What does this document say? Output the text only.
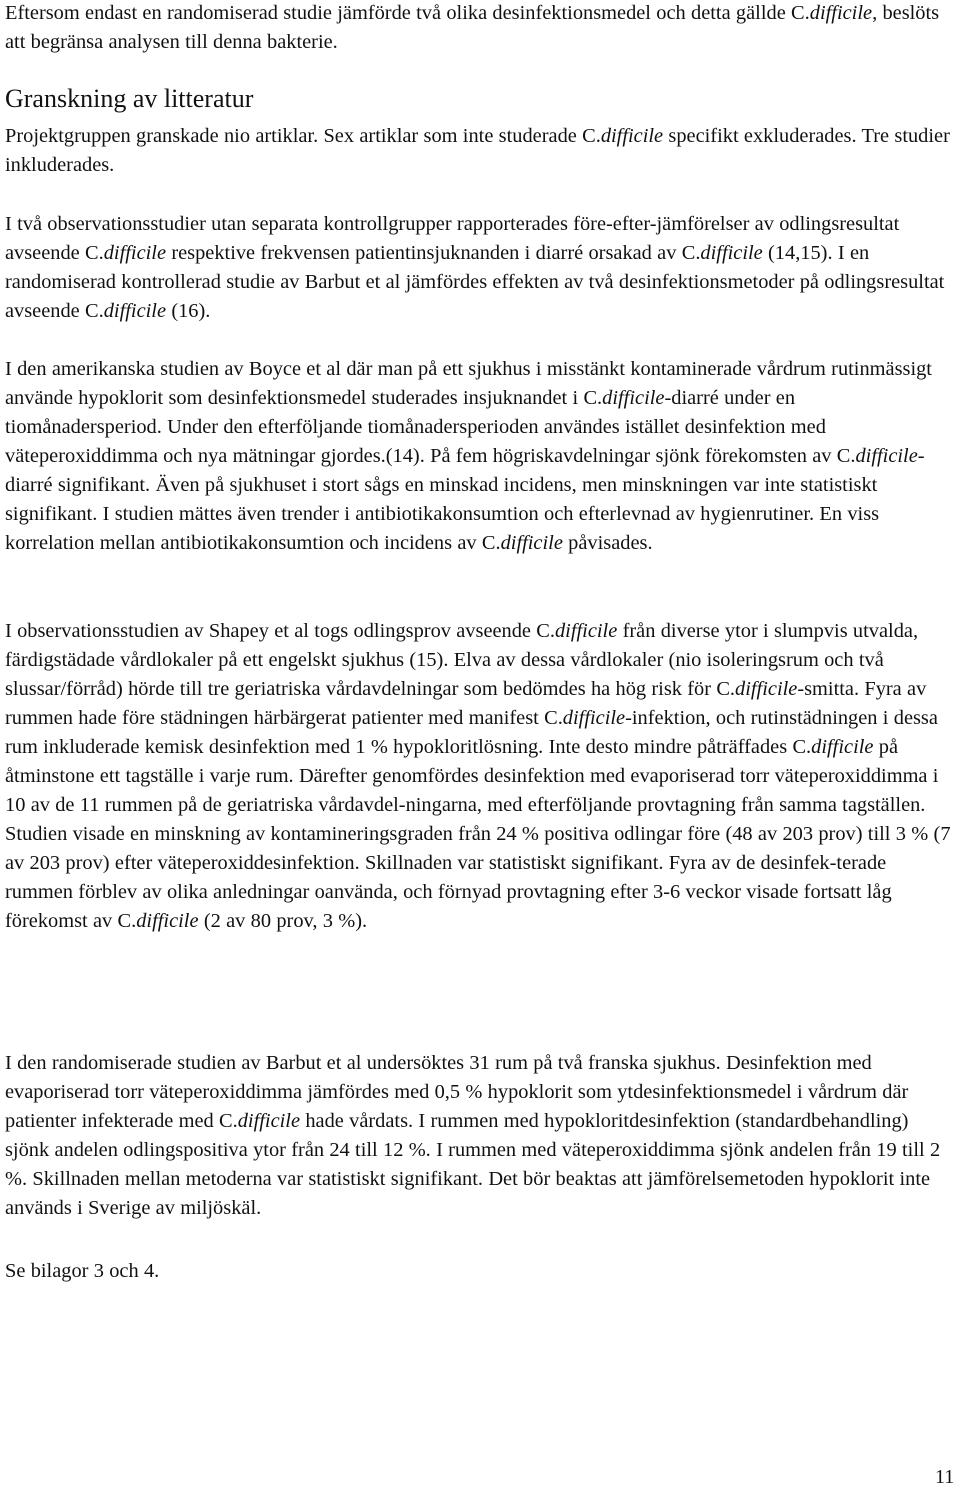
Eftersom endast en randomiserad studie jämförde två olika desinfektionsmedel och detta gällde C.difficile, beslöts att begränsa analysen till denna bakterie.

Granskning av litteratur

Projektgruppen granskade nio artiklar. Sex artiklar som inte studerade C.difficile specifikt exkluderades. Tre studier inkluderades.

I två observationsstudier utan separata kontrollgrupper rapporterades före-efter-jämförelser av odlingsresultat avseende C.difficile respektive frekvensen patientinsjuknanden i diarré orsakad av C.difficile (14,15). I en randomiserad kontrollerad studie av Barbut et al jämfördes effekten av två desinfektionsmetoder på odlingsresultat avseende C.difficile (16).

I den amerikanska studien av Boyce et al där man på ett sjukhus i misstänkt kontaminerade vårdrum rutinmässigt använde hypoklorit som desinfektionsmedel studerades insjuknandet i C.difficile-diarré under en tiomånadersperiod. Under den efterföljande tiomånadersperioden användes istället desinfektion med väteperoxiddimma och nya mätningar gjordes.(14). På fem högriskavdelningar sjönk förekomsten av C.difficile-diarré signifikant. Även på sjukhuset i stort sågs en minskad incidens, men minskningen var inte statistiskt signifikant. I studien mättes även trender i antibiotikakonsumtion och efterlevnad av hygienrutiner. En viss korrelation mellan antibiotikakonsumtion och incidens av C.difficile påvisades.

I observationsstudien av Shapey et al togs odlingsprov avseende C.difficile från diverse ytor i slumpvis utvalda, färdigstädade vårdlokaler på ett engelskt sjukhus (15). Elva av dessa vårdlokaler (nio isoleringsrum och två slussar/förråd) hörde till tre geriatriska vårdavdelningar som bedömdes ha hög risk för C.difficile-smitta. Fyra av rummen hade före städningen härbärgerat patienter med manifest C.difficile-infektion, och rutinstädningen i dessa rum inkluderade kemisk desinfektion med 1 % hypokloritlösning. Inte desto mindre påträffades C.difficile på åtminstone ett tagställe i varje rum. Därefter genomfördes desinfektion med evaporiserad torr väteperoxiddimma i 10 av de 11 rummen på de geriatriska vårdavdel-ningarna, med efterföljande provtagning från samma tagställen. Studien visade en minskning av kontamineringsgraden från 24 % positiva odlingar före (48 av 203 prov) till 3 % (7 av 203 prov) efter väteperoxiddesinfektion. Skillnaden var statistiskt signifikant. Fyra av de desinfek-terade rummen förblev av olika anledningar oanvända, och förnyad provtagning efter 3-6 veckor visade fortsatt låg förekomst av C.difficile (2 av 80 prov, 3 %).

I den randomiserade studien av Barbut et al undersöktes 31 rum på två franska sjukhus. Desinfektion med evaporiserad torr väteperoxiddimma jämfördes med 0,5 % hypoklorit som ytdesinfektionsmedel i vårdrum där patienter infekterade med C.difficile hade vårdats. I rummen med hypokloritdesinfektion (standardbehandling) sjönk andelen odlingspositiva ytor från 24 till 12 %. I rummen med väteperoxiddimma sjönk andelen från 19 till 2 %. Skillnaden mellan metoderna var statistiskt signifikant. Det bör beaktas att jämförelsemetoden hypoklorit inte används i Sverige av miljöskäl.

Se bilagor 3 och 4.

11
